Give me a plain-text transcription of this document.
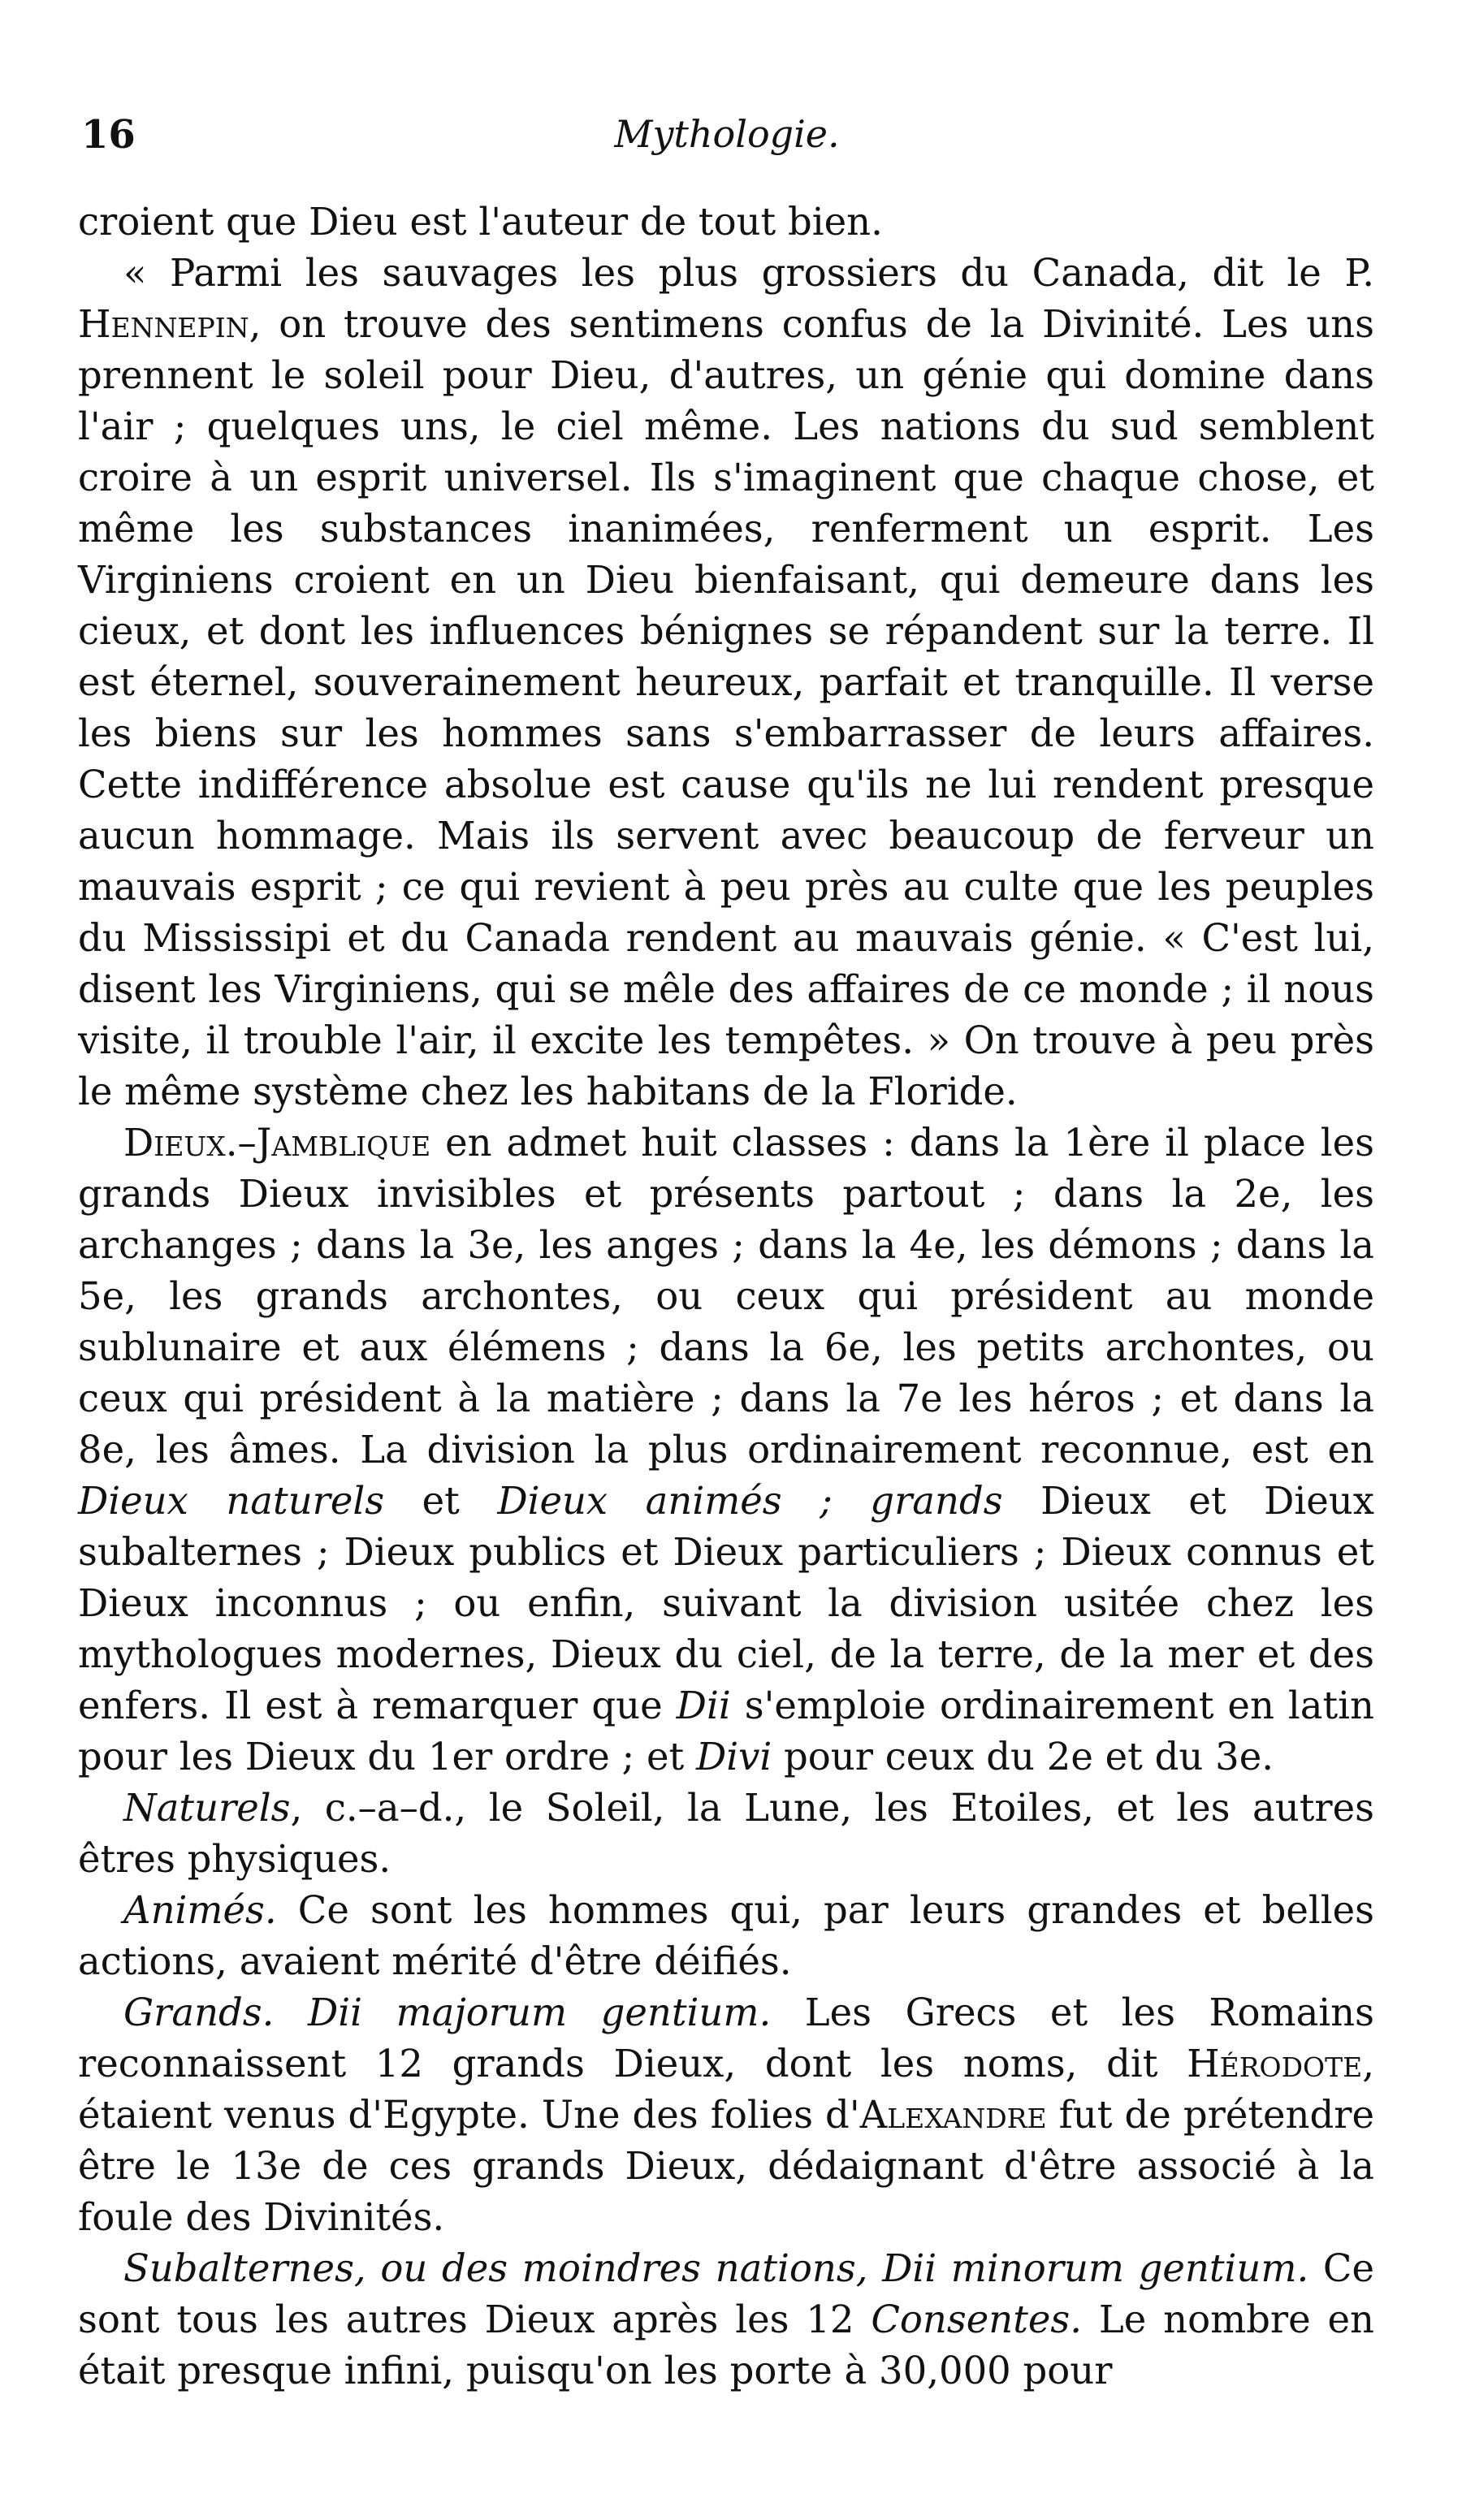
16	Mythologie.

croient que Dieu est l'auteur de tout bien.

« Parmi les sauvages les plus grossiers du Canada, dit le P. Hennepin, on trouve des sentimens confus de la Divinité. Les uns prennent le soleil pour Dieu, d'autres, un génie qui domine dans l'air ; quelques uns, le ciel même. Les nations du sud semblent croire à un esprit universel. Ils s'imaginent que chaque chose, et même les substances inanimées, renferment un esprit. Les Virginiens croient en un Dieu bienfaisant, qui demeure dans les cieux, et dont les influences bénignes se répandent sur la terre. Il est éternel, souverainement heureux, parfait et tranquille. Il verse les biens sur les hommes sans s'embarrasser de leurs affaires. Cette indifférence absolue est cause qu'ils ne lui rendent presque aucun hommage. Mais ils servent avec beaucoup de ferveur un mauvais esprit ; ce qui revient à peu près au culte que les peuples du Mississipi et du Canada rendent au mauvais génie. « C'est lui, disent les Virginiens, qui se mêle des affaires de ce monde ; il nous visite, il trouble l'air, il excite les tempêtes. » On trouve à peu près le même système chez les habitans de la Floride.

Dieux.–Jamblique en admet huit classes : dans la 1ère il place les grands Dieux invisibles et présents partout ; dans la 2e, les archanges ; dans la 3e, les anges ; dans la 4e, les démons ; dans la 5e, les grands archontes, ou ceux qui président au monde sublunaire et aux élémens ; dans la 6e, les petits archontes, ou ceux qui président à la matière ; dans la 7e les héros ; et dans la 8e, les âmes. La division la plus ordinairement reconnue, est en Dieux naturels et Dieux animés ; grands Dieux et Dieux subalternes ; Dieux publics et Dieux particuliers ; Dieux connus et Dieux inconnus ; ou enfin, suivant la division usitée chez les mythologues modernes, Dieux du ciel, de la terre, de la mer et des enfers. Il est à remarquer que Dii s'emploie ordinairement en latin pour les Dieux du 1er ordre ; et Divi pour ceux du 2e et du 3e.

Naturels, c.–a–d., le Soleil, la Lune, les Etoiles, et les autres êtres physiques.

Animés. Ce sont les hommes qui, par leurs grandes et belles actions, avaient mérité d'être déifiés.

Grands. Dii majorum gentium. Les Grecs et les Romains reconnaissent 12 grands Dieux, dont les noms, dit Hérodote, étaient venus d'Egypte. Une des folies d'Alexandre fut de prétendre être le 13e de ces grands Dieux, dédaignant d'être associé à la foule des Divinités.

Subalternes, ou des moindres nations, Dii minorum gentium. Ce sont tous les autres Dieux après les 12 Consentes. Le nombre en était presque infini, puisqu'on les porte à 30,000 pour
